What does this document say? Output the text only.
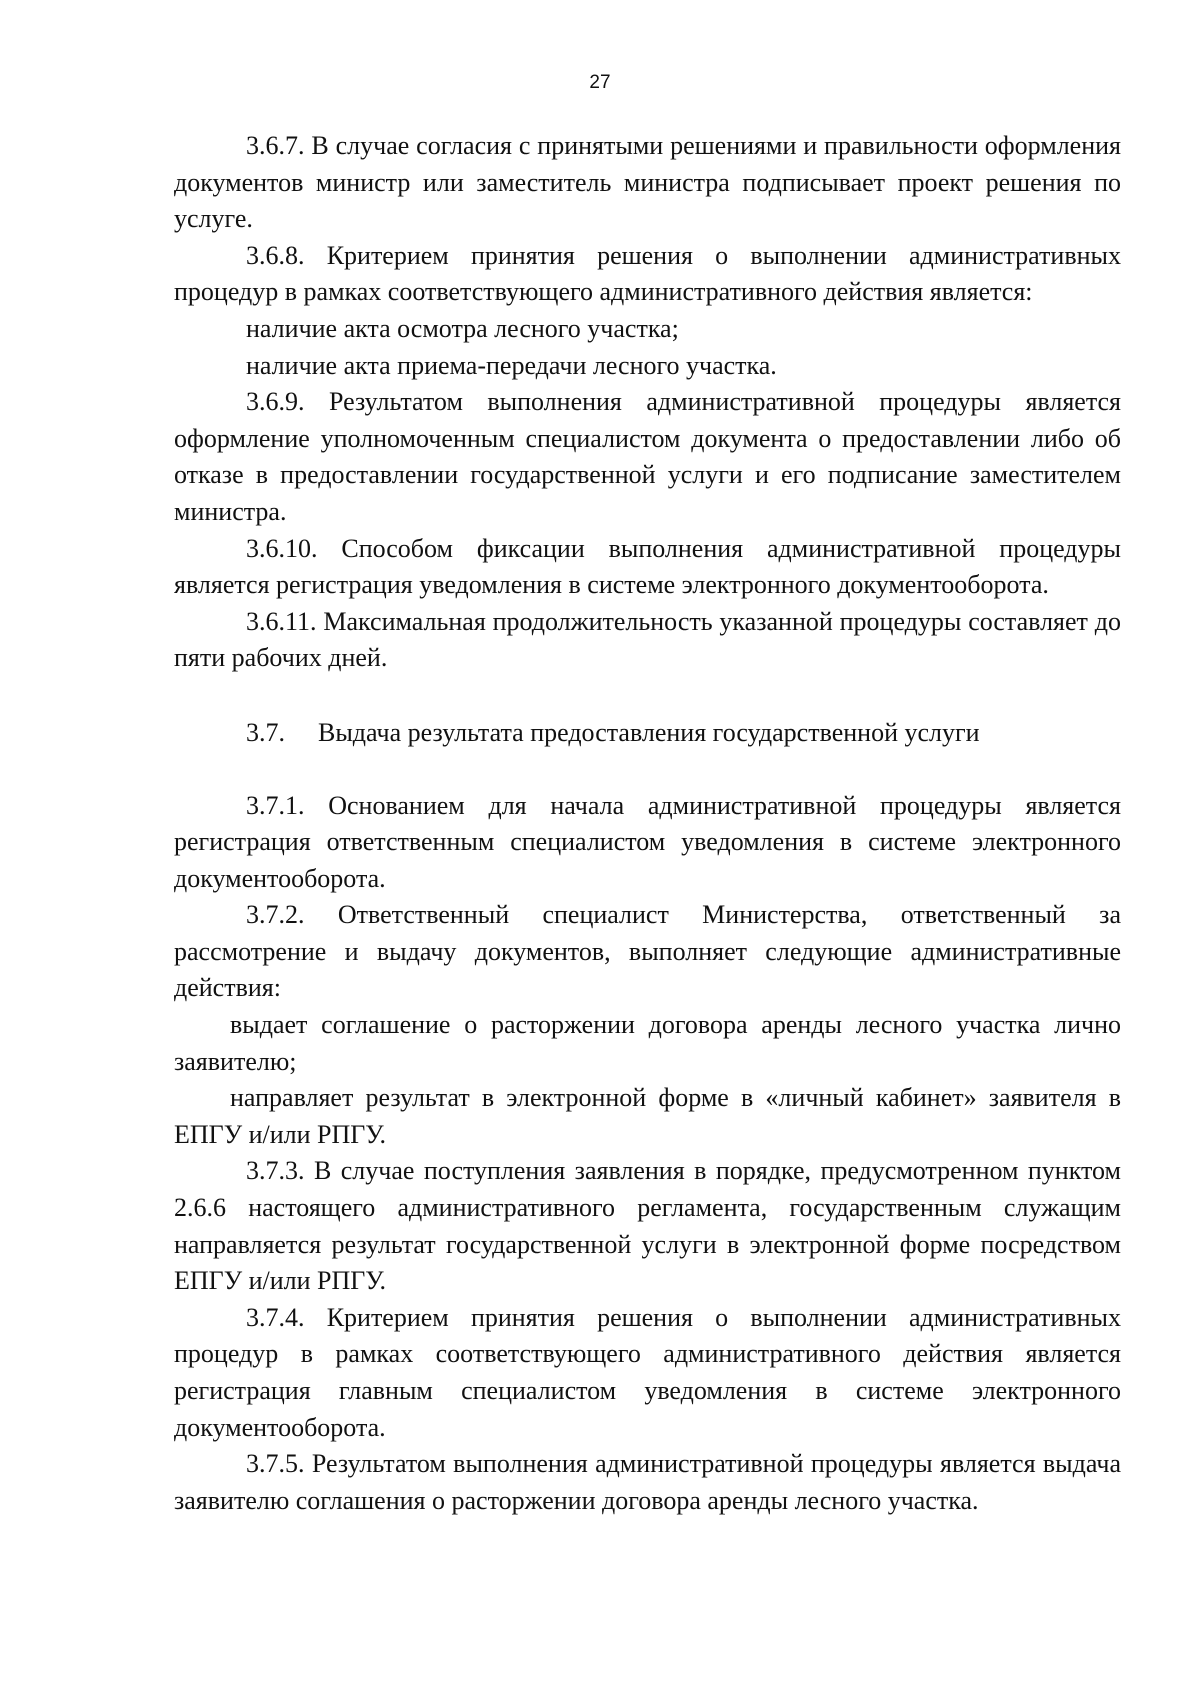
27

3.6.7. В случае согласия с принятыми решениями и правильности оформления документов министр или заместитель министра подписывает проект решения по услуге.

3.6.8. Критерием принятия решения о выполнении административных процедур в рамках соответствующего административного действия является:

наличие акта осмотра лесного участка;

наличие акта приема-передачи лесного участка.

3.6.9. Результатом выполнения административной процедуры является оформление уполномоченным специалистом документа о предоставлении либо об отказе в предоставлении государственной услуги и его подписание заместителем министра.

3.6.10. Способом фиксации выполнения административной процедуры является регистрация уведомления в системе электронного документооборота.

3.6.11. Максимальная продолжительность указанной процедуры составляет до пяти рабочих дней.

3.7. Выдача результата предоставления государственной услуги

3.7.1. Основанием для начала административной процедуры является регистрация ответственным специалистом уведомления в системе электронного документооборота.

3.7.2. Ответственный специалист Министерства, ответственный за рассмотрение и выдачу документов, выполняет следующие административные действия:

выдает соглашение о расторжении договора аренды лесного участка лично заявителю;

направляет результат в электронной форме в «личный кабинет» заявителя в ЕПГУ и/или РПГУ.

3.7.3. В случае поступления заявления в порядке, предусмотренном пунктом 2.6.6 настоящего административного регламента, государственным служащим направляется результат государственной услуги в электронной форме посредством ЕПГУ и/или РПГУ.

3.7.4. Критерием принятия решения о выполнении административных процедур в рамках соответствующего административного действия является регистрация главным специалистом уведомления в системе электронного документооборота.

3.7.5. Результатом выполнения административной процедуры является выдача заявителю соглашения о расторжении договора аренды лесного участка.
